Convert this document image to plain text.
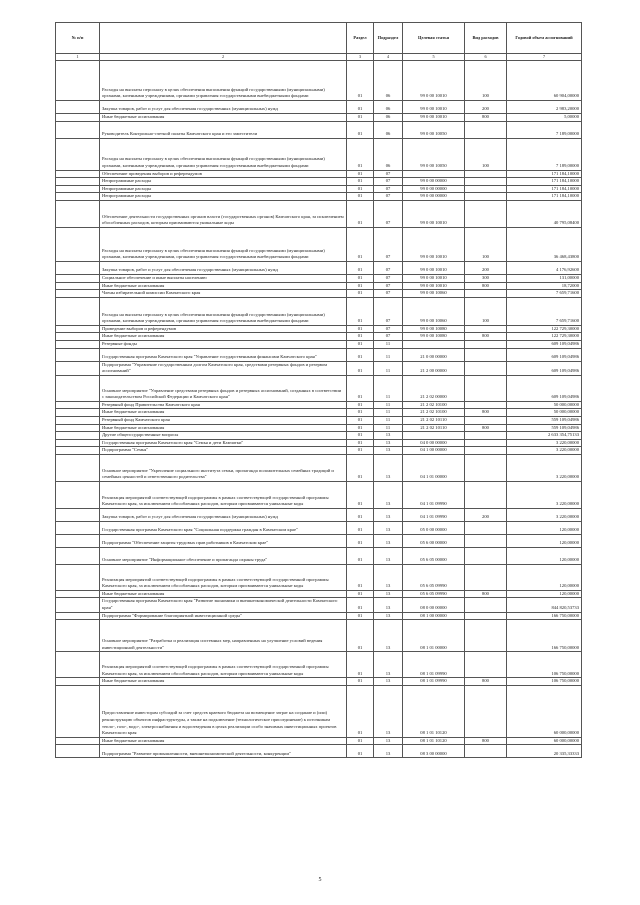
№ п/п		Раздел	Подраздел	Целевая статья	Вид расходов	Годовой объем ассигнований
1	2	3	4	5	6	7
	Расходы на выплаты персоналу в целях обеспечения выполнения функций государственными (муниципальными) органами, казенными учреждениями, органами управления государственными внебюджетными фондами	01	06	99 0 00 10010	100	60 904,00000
	Закупка товаров, работ и услуг для обеспечения государственных (муниципальных) нужд	01	06	99 0 00 10010	200	2 983,20000
	Иные бюджетные ассигнования	01	06	99 0 00 10010	800	5,00000
	Руководитель Контрольно-счетной палаты Камчатского края и его заместители	01	06	99 0 00 10050		7 189,00000
	Расходы на выплаты персоналу в целях обеспечения выполнения функций государственными (муниципальными) органами, казенными учреждениями, органами управления государственными внебюджетными фондами	01	06	99 0 00 10050	100	7 189,00000
	Обеспечение проведения выборов и референдумов	01	07			171 184,10000
	Непрограммные расходы	01	07	99 0 00 00000		171 184,10000
	Непрограммные расходы	01	07	99 0 00 00000		171 184,10000
	Непрограммные расходы	01	07	99 0 00 00000		171 184,10000
	Обеспечение деятельности государственных органов власти (государственных органов) Камчатского края, за исключением обособленных расходов, которым присваиваются уникальные коды	01	07	99 0 00 10010		40 795,08400
	Расходы на выплаты персоналу в целях обеспечения выполнения функций государственными (муниципальными) органами, казенными учреждениями, органами управления государственными внебюджетными фондами	01	07	99 0 00 10010	100	36 468,43800
	Закупка товаров, работ и услуг для обеспечения государственных (муниципальных) нужд	01	07	99 0 00 10010	200	4 176,92600
	Социальное обеспечение и иные выплаты населению	01	07	99 0 00 10010	300	131,00000
	Иные бюджетные ассигнования	01	07	99 0 00 10010	800	18,72000
	Члены избирательной комиссии Камчатского края	01	07	99 0 00 10060		7 659,71600
	Расходы на выплаты персоналу в целях обеспечения выполнения функций государственными (муниципальными) органами, казенными учреждениями, органами управления государственными внебюджетными фондами	01	07	99 0 00 10060	100	7 659,71600
	Проведение выборов и референдумов	01	07	99 0 00 10080		122 729,30000
	Иные бюджетные ассигнования	01	07	99 0 00 10080	800	122 729,30000
	Резервные фонды	01	11			609 109,04986
	Государственная программа Камчатского края "Управление государственными финансами Камчатского края"	01	11	21 0 00 00000		609 109,04986
	Подпрограмма "Управление государственным долгом Камчатского края, средствами резервных фондов и резервом ассигнований"	01	11	21 2 00 00000		609 109,04986
	Основное мероприятие "Управление средствами резервных фондов и резервных ассигнований, созданных в соответствии с законодательством Российской Федерации и Камчатского края"	01	11	21 2 02 00000		609 109,04986
	Резервный фонд Правительства Камчатского края	01	11	21 2 02 10100		50 000,00000
	Иные бюджетные ассигнования	01	11	21 2 02 10100	800	50 000,00000
	Резервный фонд Камчатского края	01	11	21 2 02 10110		559 109,04986
	Иные бюджетные ассигнования	01	11	21 2 02 10110	800	559 109,04986
	Другие общегосударственные вопросы	01	13			2 633 354,75133
	Государственная программа Камчатского края "Семья и дети Камчатки"	01	13	04 0 00 00000		3 220,00000
	Подпрограмма "Семья"	01	13	04 1 00 00000		3 220,00000
	Основное мероприятие "Укрепление социального института семьи, пропаганда положительных семейных традиций и семейных ценностей и ответственного родительства"	01	13	04 1 01 00000		3 220,00000
	Реализация мероприятий соответствующей подпрограммы в рамках соответствующей государственной программы Камчатского края, за исключением обособленных расходов, которым присваиваются уникальные коды	01	13	04 1 01 09990		3 220,00000
	Закупка товаров, работ и услуг для обеспечения государственных (муниципальных) нужд	01	13	04 1 01 09990	200	3 220,00000
	Государственная программа Камчатского края "Социальная поддержка граждан в Камчатском крае"	01	13	05 0 00 00000		120,00000
	Подпрограмма "Обеспечение защиты трудовых прав работников в Камчатском крае"	01	13	05 6 00 00000		120,00000
	Основное мероприятие "Информационное обеспечение и пропаганда охраны труда"	01	13	05 6 05 00000		120,00000
	Реализация мероприятий соответствующей подпрограммы в рамках соответствующей государственной программы Камчатского края, за исключением обособленных расходов, которым присваиваются уникальные коды	01	13	05 6 05 09990		120,00000
	Иные бюджетные ассигнования	01	13	05 6 05 09990	800	120,00000
	Государственная программа Камчатского края "Развитие экономики и внешнеэкономической деятельности Камчатского края"	01	13	08 0 00 00000		844 820,53733
	Подпрограмма "Формирование благоприятной инвестиционной среды"	01	13	08 1 00 00000		166 750,00000
	Основное мероприятие "Разработка и реализация системных мер, направленных на улучшение условий ведения инвестиционной деятельности"	01	13	08 1 01 00000		166 750,00000
	Реализация мероприятий соответствующей подпрограммы в рамках соответствующей государственной программы Камчатского края, за исключением обособленных расходов, которым присваиваются уникальные коды	01	13	08 1 01 09990		106 750,00000
	Иные бюджетные ассигнования	01	13	08 1 01 09990	800	106 750,00000
	Предоставление инвесторам субсидий за счет средств краевого бюджета на возмещение затрат на создание и (или) реконструкцию объектов инфраструктуры, а также на подключение (технологическое присоединение) к источникам тепло-, газо-, водо-, электроснабжения и водоотведения в целях реализации особо значимых инвестиционных проектов Камчатского края	01	13	08 1 01 10120		60 000,00000
	Иные бюджетные ассигнования	01	13	08 1 01 10120	800	60 000,00000
	Подпрограмма "Развитие промышленности, внешнеэкономической деятельности, конкуренции"	01	13	08 3 00 00000		20 335,33333
5
